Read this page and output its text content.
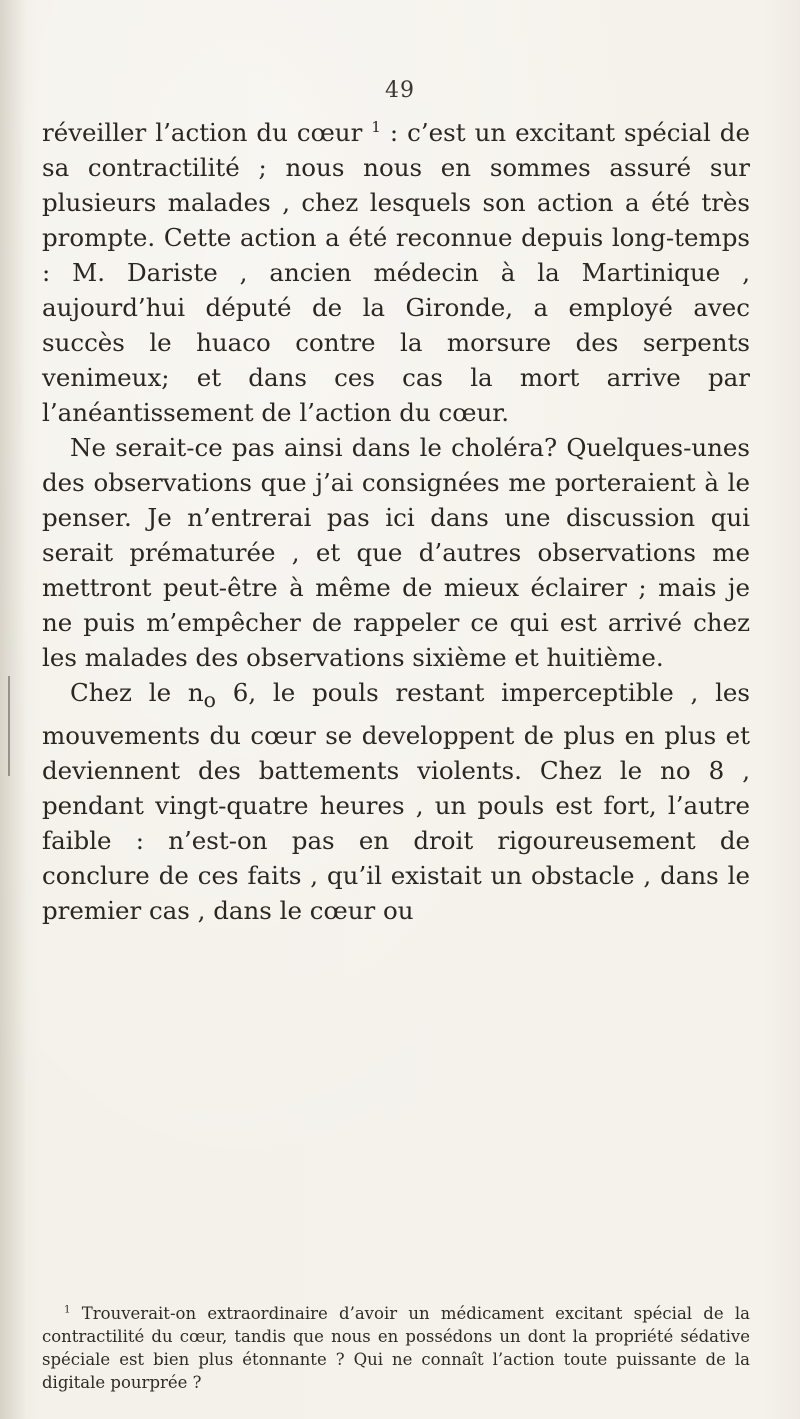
49

réveiller l’action du cœur $^1$ : c’est un excitant spécial de sa contractilité ; nous nous en sommes assuré sur plusieurs malades , chez lesquels son action a été très prompte. Cette action a été reconnue depuis long-temps : M. Dariste , ancien médecin à la Martinique , aujourd’hui député de la Gironde, a employé avec succès le huaco contre la morsure des serpents venimeux; et dans ces cas la mort arrive par l’anéantissement de l’action du cœur.

Ne serait-ce pas ainsi dans le choléra? Quelques-unes des observations que j’ai consignées me porteraient à le penser. Je n’entrerai pas ici dans une discussion qui serait prématurée , et que d’autres observations me mettront peut-être à même de mieux éclairer ; mais je ne puis m’empêcher de rappeler ce qui est arrivé chez les malades des observations sixième et huitième.

Chez le $n_o$ 6, le pouls restant imperceptible , les mouvements du cœur se developpent de plus en plus et deviennent des battements violents. Chez le no 8 , pendant vingt-quatre heures , un pouls est fort, l’autre faible : n’est-on pas en droit rigoureusement de conclure de ces faits , qu’il existait un obstacle , dans le premier cas , dans le cœur ou

$^1$ Trouverait-on extraordinaire d’avoir un médicament excitant spécial de la contractilité du cœur, tandis que nous en possédons un dont la propriété sédative spéciale est bien plus étonnante ? Qui ne connaît l’action toute puissante de la digitale pourprée ?
